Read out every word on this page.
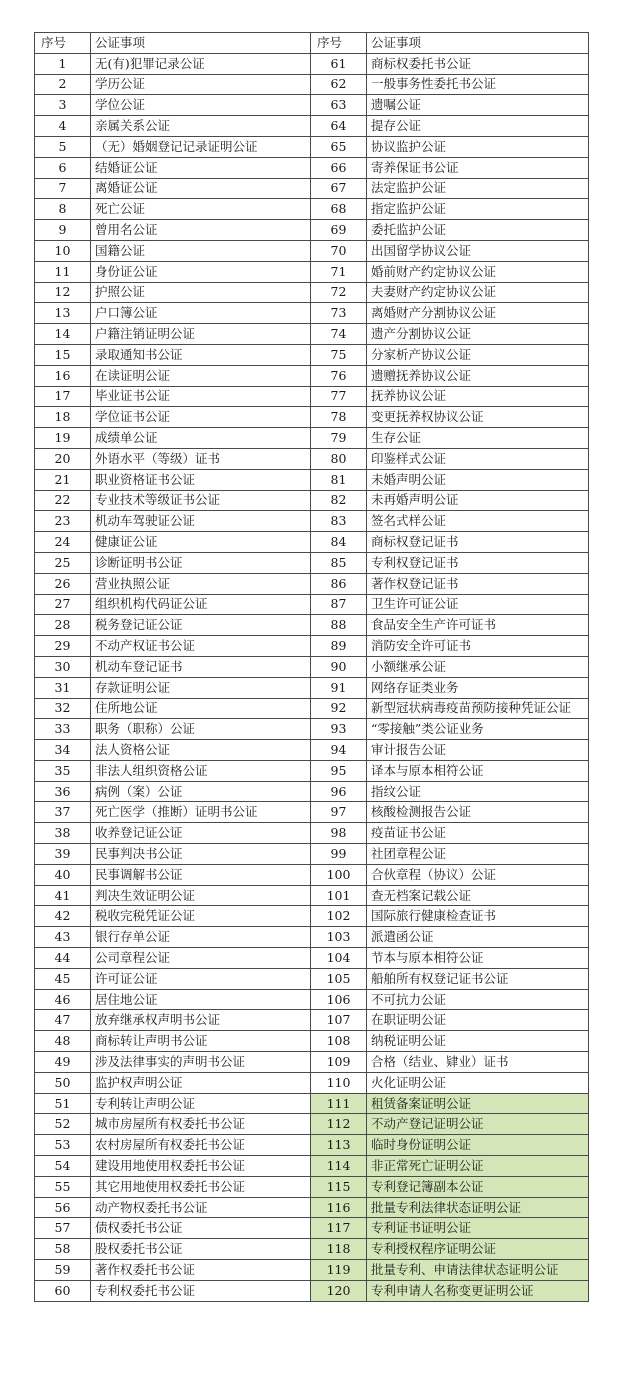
序号	公证事项	序号	公证事项
1	无(有)犯罪记录公证	61	商标权委托书公证
2	学历公证	62	一般事务性委托书公证
3	学位公证	63	遗嘱公证
4	亲属关系公证	64	提存公证
5	（无）婚姻登记记录证明公证	65	协议监护公证
6	结婚证公证	66	寄养保证书公证
7	离婚证公证	67	法定监护公证
8	死亡公证	68	指定监护公证
9	曾用名公证	69	委托监护公证
10	国籍公证	70	出国留学协议公证
11	身份证公证	71	婚前财产约定协议公证
12	护照公证	72	夫妻财产约定协议公证
13	户口簿公证	73	离婚财产分割协议公证
14	户籍注销证明公证	74	遗产分割协议公证
15	录取通知书公证	75	分家析产协议公证
16	在读证明公证	76	遗赠抚养协议公证
17	毕业证书公证	77	抚养协议公证
18	学位证书公证	78	变更抚养权协议公证
19	成绩单公证	79	生存公证
20	外语水平（等级）证书	80	印鉴样式公证
21	职业资格证书公证	81	未婚声明公证
22	专业技术等级证书公证	82	未再婚声明公证
23	机动车驾驶证公证	83	签名式样公证
24	健康证公证	84	商标权登记证书
25	诊断证明书公证	85	专利权登记证书
26	营业执照公证	86	著作权登记证书
27	组织机构代码证公证	87	卫生许可证公证
28	税务登记证公证	88	食品安全生产许可证书
29	不动产权证书公证	89	消防安全许可证书
30	机动车登记证书	90	小额继承公证
31	存款证明公证	91	网络存证类业务
32	住所地公证	92	新型冠状病毒疫苗预防接种凭证公证
33	职务（职称）公证	93	“零接触”类公证业务
34	法人资格公证	94	审计报告公证
35	非法人组织资格公证	95	译本与原本相符公证
36	病例（案）公证	96	指纹公证
37	死亡医学（推断）证明书公证	97	核酸检测报告公证
38	收养登记证公证	98	疫苗证书公证
39	民事判决书公证	99	社团章程公证
40	民事调解书公证	100	合伙章程（协议）公证
41	判决生效证明公证	101	查无档案记载公证
42	税收完税凭证公证	102	国际旅行健康检查证书
43	银行存单公证	103	派遣函公证
44	公司章程公证	104	节本与原本相符公证
45	许可证公证	105	船舶所有权登记证书公证
46	居住地公证	106	不可抗力公证
47	放弃继承权声明书公证	107	在职证明公证
48	商标转让声明书公证	108	纳税证明公证
49	涉及法律事实的声明书公证	109	合格（结业、肄业）证书
50	监护权声明公证	110	火化证明公证
51	专利转让声明公证	111	租赁备案证明公证
52	城市房屋所有权委托书公证	112	不动产登记证明公证
53	农村房屋所有权委托书公证	113	临时身份证明公证
54	建设用地使用权委托书公证	114	非正常死亡证明公证
55	其它用地使用权委托书公证	115	专利登记簿副本公证
56	动产物权委托书公证	116	批量专利法律状态证明公证
57	债权委托书公证	117	专利证书证明公证
58	股权委托书公证	118	专利授权程序证明公证
59	著作权委托书公证	119	批量专利、申请法律状态证明公证
60	专利权委托书公证	120	专利申请人名称变更证明公证
